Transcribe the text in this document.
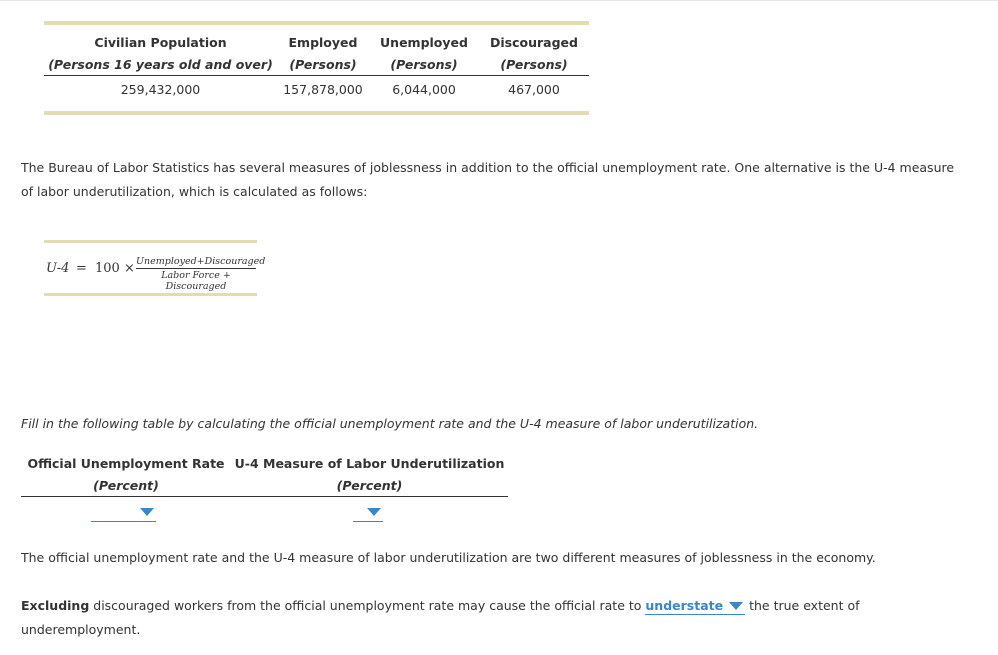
Civilian Population	Employed	Unemployed	Discouraged
(Persons 16 years old and over)	(Persons)	(Persons)	(Persons)
259,432,000	157,878,000	6,044,000	467,000
The Bureau of Labor Statistics has several measures of joblessness in addition to the official unemployment rate. One alternative is the U-4 measure
of labor underutilization, which is calculated as follows:
U-4 = 100 × Unemployed+Discouraged
Labor Force + Discouraged
Fill in the following table by calculating the official unemployment rate and the U-4 measure of labor underutilization.
Official Unemployment Rate	U-4 Measure of Labor Underutilization
(Percent)	(Percent)

The official unemployment rate and the U-4 measure of labor underutilization are two different measures of joblessness in the economy.
Excluding discouraged workers from the official unemployment rate may cause the official rate to understate
the true extent of
underemployment.
